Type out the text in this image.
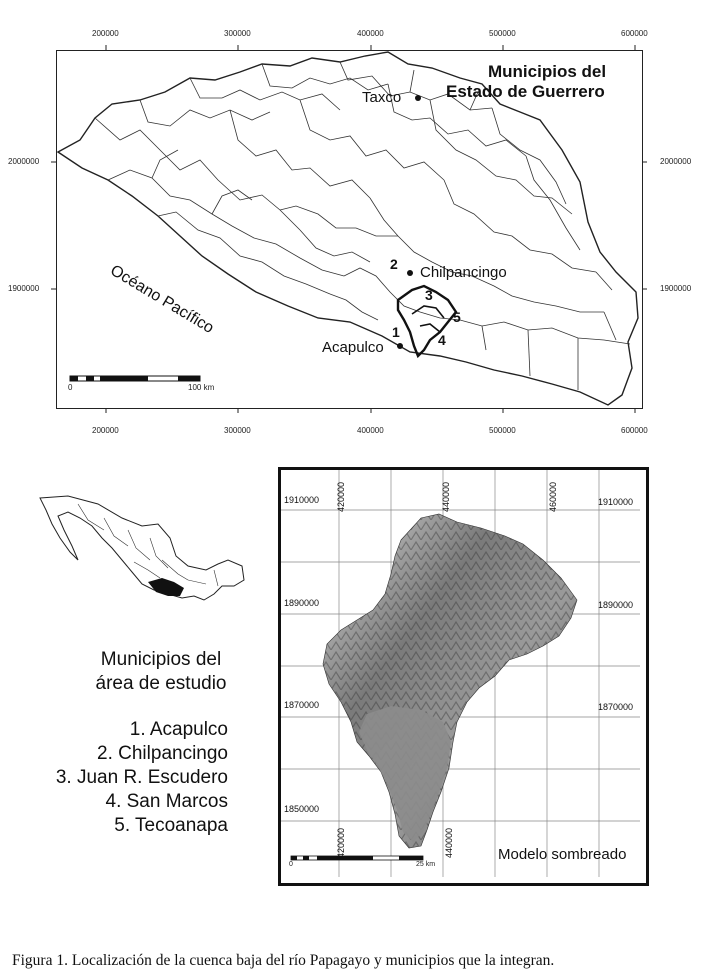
200000	300000	400000	500000	600000
200000	300000	400000	500000	600000
2000000
1900000
2000000
1900000
Municipios del
Estado de Guerrero
Taxco
Chilpancingo
Acapulco
1
2
3
4
5
Océano Pacífico
0	100 km
Municipios del
área de estudio
1. Acapulco
2. Chilpancingo
3. Juan R. Escudero
4. San Marcos
5. Tecoanapa
420000	440000	460000
420000	440000
1910000
1890000
1870000
1850000
1910000
1890000
1870000
Modelo sombreado
0	25 km
Figura 1. Localización de la cuenca baja del río Papagayo y municipios que la integran.
